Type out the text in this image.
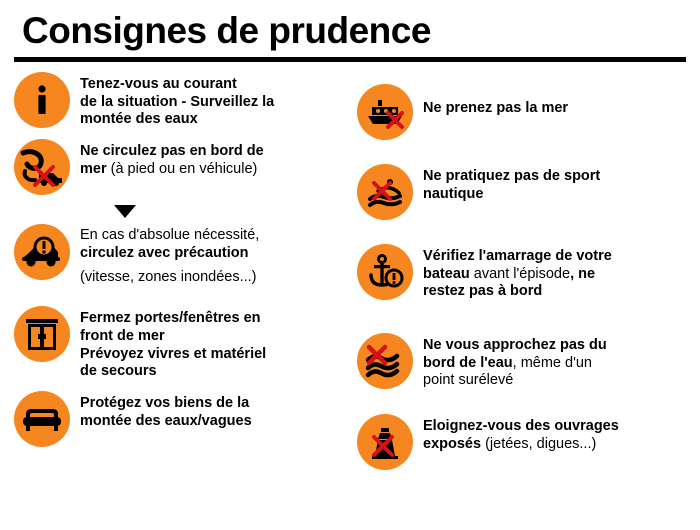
Consignes de prudence
Tenez-vous au courant
de la situation - Surveillez la
montée des eaux
Ne circulez pas en bord de
mer (à pied ou en véhicule)
En cas d'absolue nécessité,
circulez avec précaution
(vitesse, zones inondées...)
Fermez portes/fenêtres en
front de mer
Prévoyez vivres et matériel
de secours
Protégez vos biens de la
montée des eaux/vagues
Ne prenez pas la mer
Ne pratiquez pas de sport
nautique
Vérifiez l'amarrage de votre
bateau avant l'épisode, ne
restez pas à bord
Ne vous approchez pas du
bord de l'eau, même d'un
point surélevé
Eloignez-vous des ouvrages
exposés (jetées, digues...)
